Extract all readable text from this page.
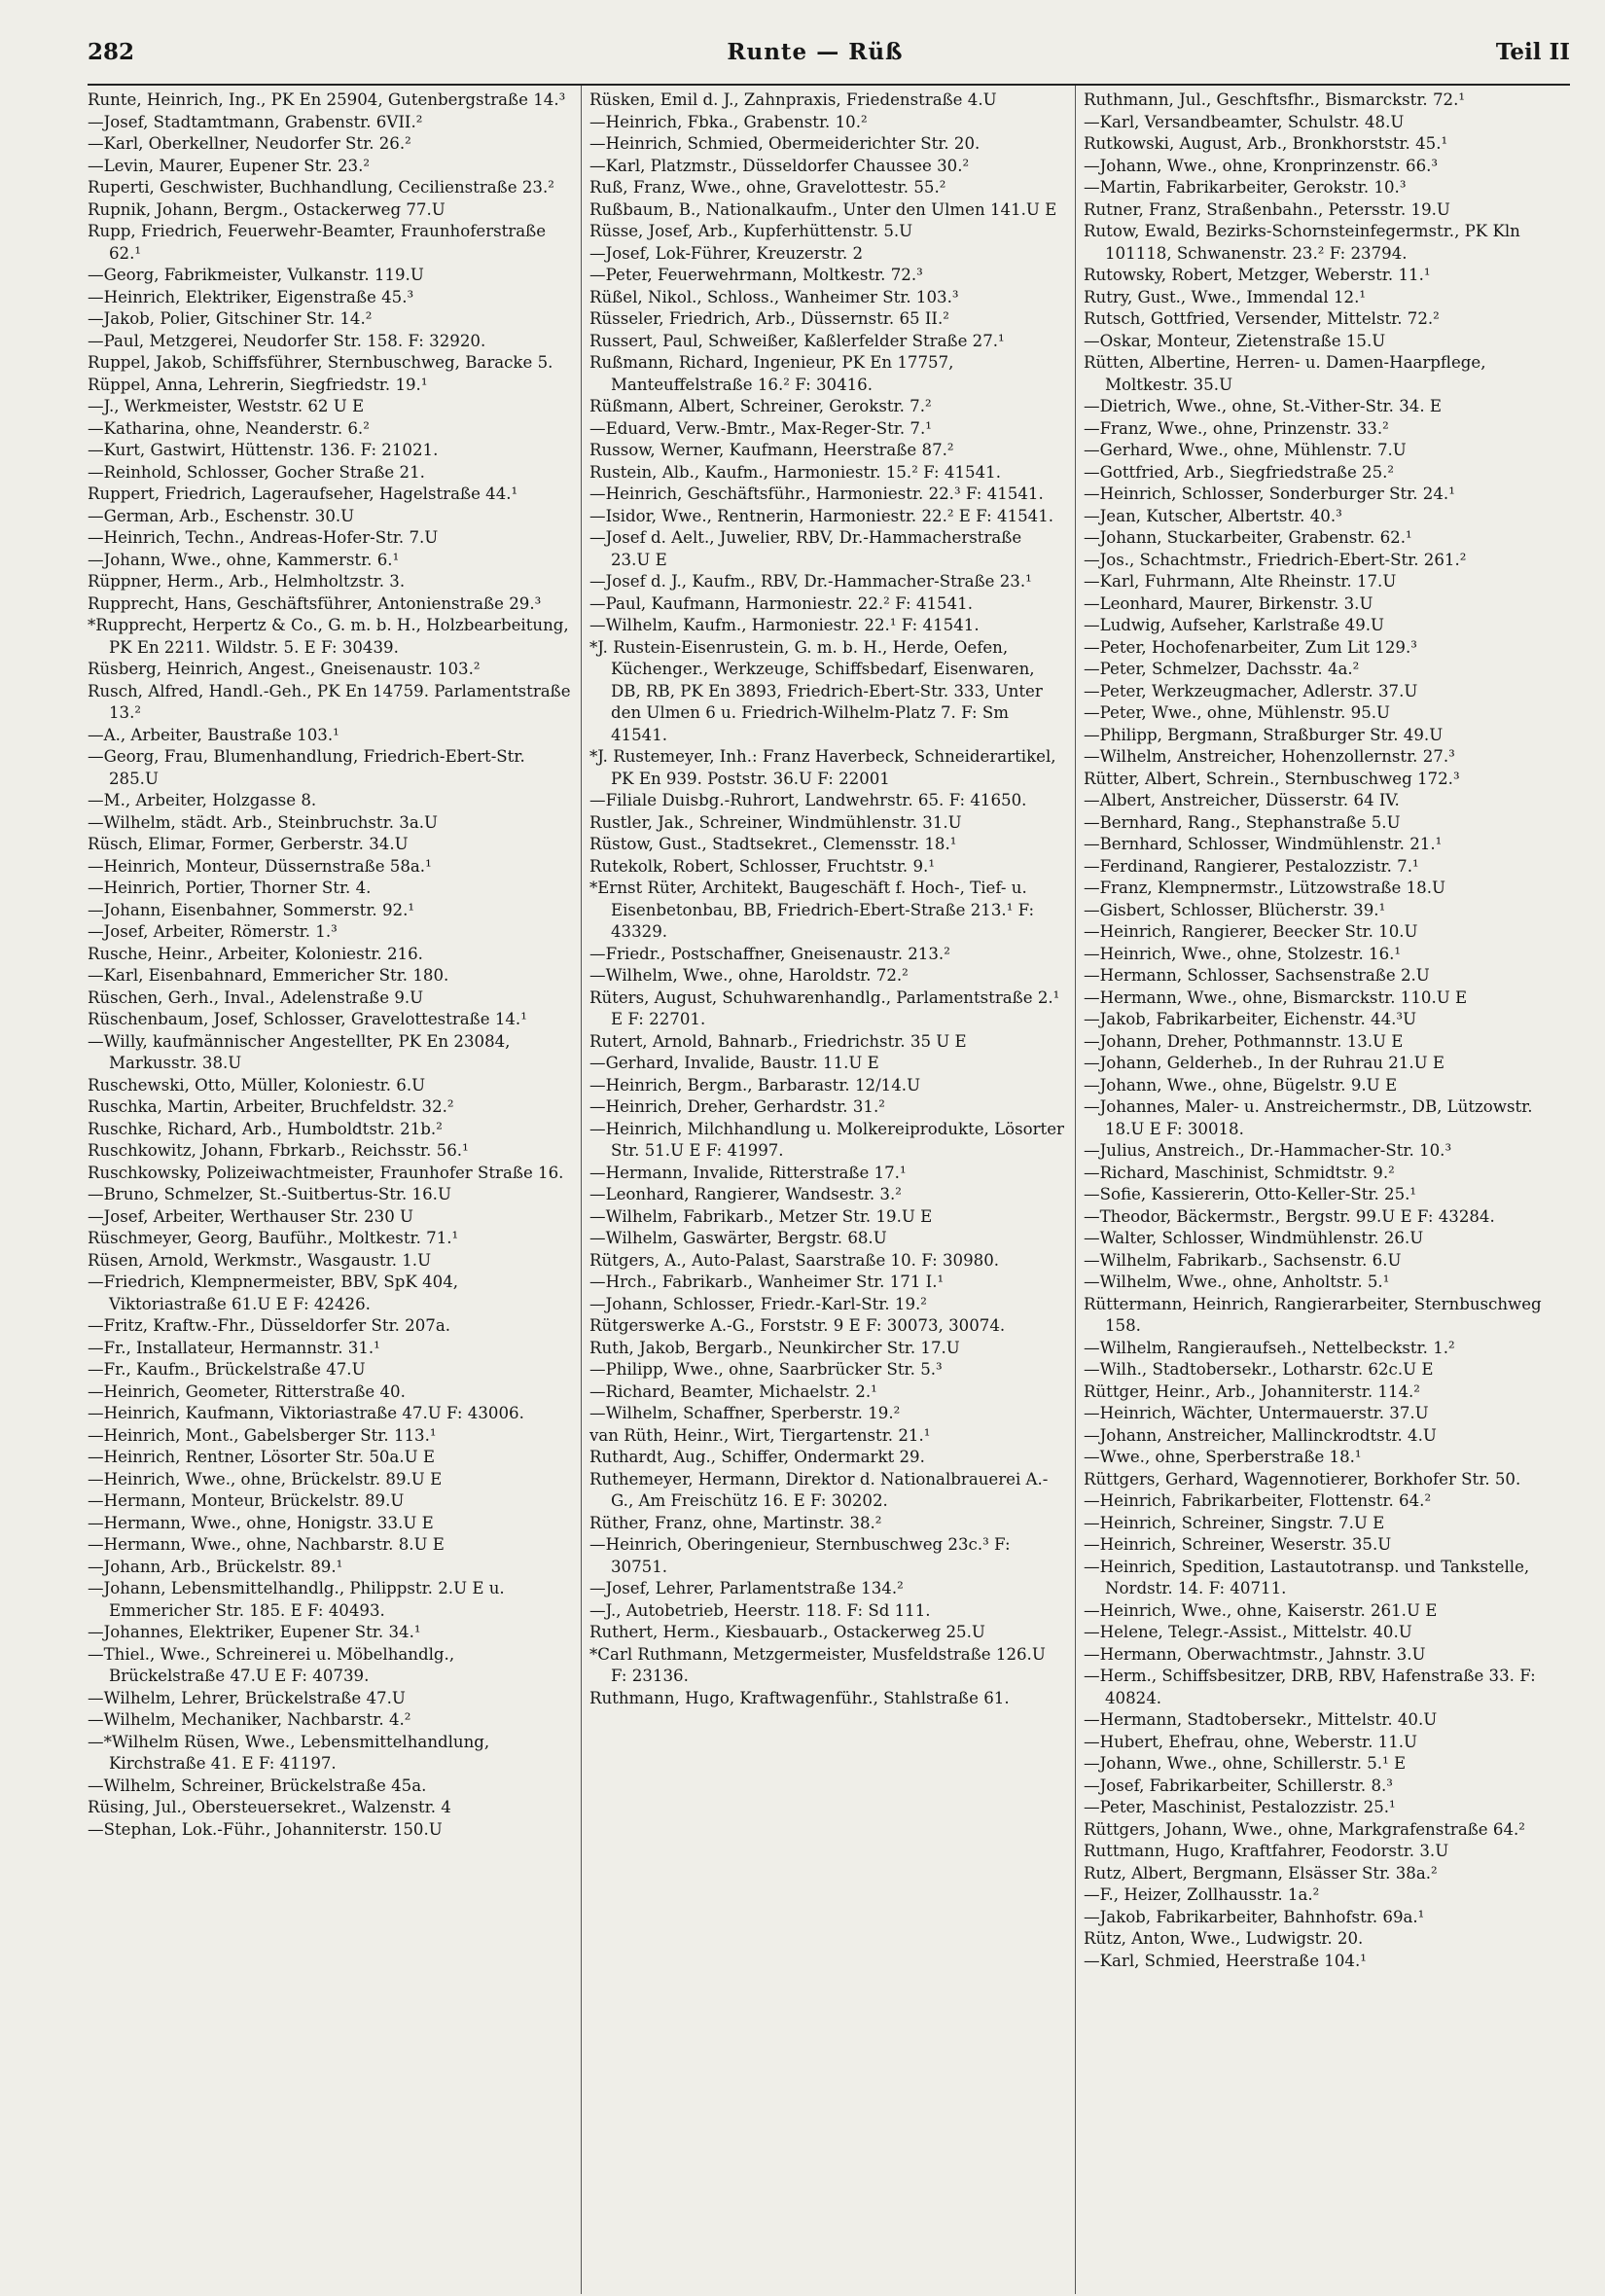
282	Runte — Rüß	Teil II
Runte, Heinrich, Ing., PK En 25904, Gutenbergstraße 14.³
—Josef, Stadtamtmann, Grabenstr. 6VII.²
—Karl, Oberkellner, Neudorfer Str. 26.²
—Levin, Maurer, Eupener Str. 23.²
Ruperti, Geschwister, Buchhandlung, Cecilienstraße 23.²
Rupnik, Johann, Bergm., Ostackerweg 77.U
Rupp, Friedrich, Feuerwehr-Beamter, Fraunhoferstraße 62.¹
—Georg, Fabrikmeister, Vulkanstr. 119.U
—Heinrich, Elektriker, Eigenstraße 45.³
—Jakob, Polier, Gitschiner Str. 14.²
—Paul, Metzgerei, Neudorfer Str. 158. F: 32920.
Ruppel, Jakob, Schiffsführer, Sternbuschweg, Baracke 5.
Rüppel, Anna, Lehrerin, Siegfriedstr. 19.¹
—J., Werkmeister, Weststr. 62 U E
—Katharina, ohne, Neanderstr. 6.²
—Kurt, Gastwirt, Hüttenstr. 136. F: 21021.
—Reinhold, Schlosser, Gocher Straße 21.
Ruppert, Friedrich, Lageraufseher, Hagelstraße 44.¹
—German, Arb., Eschenstr. 30.U
—Heinrich, Techn., Andreas-Hofer-Str. 7.U
—Johann, Wwe., ohne, Kammerstr. 6.¹
Rüppner, Herm., Arb., Helmholtzstr. 3.
Rupprecht, Hans, Geschäftsführer, Antonienstraße 29.³
*Rupprecht, Herpertz & Co., G. m. b. H., Holzbearbeitung, PK En 2211. Wildstr. 5. E F: 30439.
Rüsberg, Heinrich, Angest., Gneisenaustr. 103.²
Rusch, Alfred, Handl.-Geh., PK En 14759. Parlamentstraße 13.²
—A., Arbeiter, Baustraße 103.¹
—Georg, Frau, Blumenhandlung, Friedrich-Ebert-Str. 285.U
—M., Arbeiter, Holzgasse 8.
—Wilhelm, städt. Arb., Steinbruchstr. 3a.U
Rüsch, Elimar, Former, Gerberstr. 34.U
—Heinrich, Monteur, Düssernstraße 58a.¹
—Heinrich, Portier, Thorner Str. 4.
—Johann, Eisenbahner, Sommerstr. 92.¹
—Josef, Arbeiter, Römerstr. 1.³
Rusche, Heinr., Arbeiter, Koloniestr. 216.
—Karl, Eisenbahnard, Emmericher Str. 180.
Rüschen, Gerh., Inval., Adelenstraße 9.U
Rüschenbaum, Josef, Schlosser, Gravelottestraße 14.¹
—Willy, kaufmännischer Angestellter, PK En 23084, Markusstr. 38.U
Ruschewski, Otto, Müller, Koloniestr. 6.U
Ruschka, Martin, Arbeiter, Bruchfeldstr. 32.²
Ruschke, Richard, Arb., Humboldtstr. 21b.²
Ruschkowitz, Johann, Fbrkarb., Reichsstr. 56.¹
Ruschkowsky, Polizeiwachtmeister, Fraunhofer Straße 16.
—Bruno, Schmelzer, St.-Suitbertus-Str. 16.U
—Josef, Arbeiter, Werthauser Str. 230 U
Rüschmeyer, Georg, Bauführ., Moltkestr. 71.¹
Rüsen, Arnold, Werkmstr., Wasgaustr. 1.U
—Friedrich, Klempnermeister, BBV, SpK 404, Viktoriastraße 61.U E F: 42426.
—Fritz, Kraftw.-Fhr., Düsseldorfer Str. 207a.
—Fr., Installateur, Hermannstr. 31.¹
—Fr., Kaufm., Brückelstraße 47.U
—Heinrich, Geometer, Ritterstraße 40.
—Heinrich, Kaufmann, Viktoriastraße 47.U F: 43006.
—Heinrich, Mont., Gabelsberger Str. 113.¹
—Heinrich, Rentner, Lösorter Str. 50a.U E
—Heinrich, Wwe., ohne, Brückelstr. 89.U E
—Hermann, Monteur, Brückelstr. 89.U
—Hermann, Wwe., ohne, Honigstr. 33.U E
—Hermann, Wwe., ohne, Nachbarstr. 8.U E
—Johann, Arb., Brückelstr. 89.¹
—Johann, Lebensmittelhandlg., Philippstr. 2.U E u. Emmericher Str. 185. E F: 40493.
—Johannes, Elektriker, Eupener Str. 34.¹
—Thiel., Wwe., Schreinerei u. Möbelhandlg., Brückelstraße 47.U E F: 40739.
—Wilhelm, Lehrer, Brückelstraße 47.U
—Wilhelm, Mechaniker, Nachbarstr. 4.²
—*Wilhelm Rüsen, Wwe., Lebensmittelhandlung, Kirchstraße 41. E F: 41197.
—Wilhelm, Schreiner, Brückelstraße 45a.
Rüsing, Jul., Obersteuersekret., Walzenstr. 4
—Stephan, Lok.-Führ., Johanniterstr. 150.U
Rüsken, Emil d. J., Zahnpraxis, Friedenstraße 4.U
—Heinrich, Fbka., Grabenstr. 10.²
—Heinrich, Schmied, Obermeiderichter Str. 20.
—Karl, Platzmstr., Düsseldorfer Chaussee 30.²
Ruß, Franz, Wwe., ohne, Gravelottestr. 55.²
Rußbaum, B., Nationalkaufm., Unter den Ulmen 141.U E
Rüsse, Josef, Arb., Kupferhüttenstr. 5.U
—Josef, Lok-Führer, Kreuzerstr. 2
—Peter, Feuerwehrmann, Moltkestr. 72.³
Rüßel, Nikol., Schloss., Wanheimer Str. 103.³
Rüsseler, Friedrich, Arb., Düssernstr. 65 II.²
Russert, Paul, Schweißer, Kaßlerfelder Straße 27.¹
Rußmann, Richard, Ingenieur, PK En 17757, Manteuffelstraße 16.² F: 30416.
Rüßmann, Albert, Schreiner, Gerokstr. 7.²
—Eduard, Verw.-Bmtr., Max-Reger-Str. 7.¹
Russow, Werner, Kaufmann, Heerstraße 87.²
Rustein, Alb., Kaufm., Harmoniestr. 15.² F: 41541.
—Heinrich, Geschäftsführ., Harmoniestr. 22.³ F: 41541.
—Isidor, Wwe., Rentnerin, Harmoniestr. 22.² E F: 41541.
—Josef d. Aelt., Juwelier, RBV, Dr.-Hammacherstraße 23.U E
—Josef d. J., Kaufm., RBV, Dr.-Hammacher-Straße 23.¹
—Paul, Kaufmann, Harmoniestr. 22.² F: 41541.
—Wilhelm, Kaufm., Harmoniestr. 22.¹ F: 41541.
*J. Rustein-Eisenrustein, G. m. b. H., Herde, Oefen, Küchenger., Werkzeuge, Schiffsbedarf, Eisenwaren, DB, RB, PK En 3893, Friedrich-Ebert-Str. 333, Unter den Ulmen 6 u. Friedrich-Wilhelm-Platz 7. F: Sm 41541.
*J. Rustemeyer, Inh.: Franz Haverbeck, Schneiderartikel, PK En 939. Poststr. 36.U F: 22001
—Filiale Duisbg.-Ruhrort, Landwehrstr. 65. F: 41650.
Rustler, Jak., Schreiner, Windmühlenstr. 31.U
Rüstow, Gust., Stadtsekret., Clemensstr. 18.¹
Rutekolk, Robert, Schlosser, Fruchtstr. 9.¹
*Ernst Rüter, Architekt, Baugeschäft f. Hoch-, Tief- u. Eisenbetonbau, BB, Friedrich-Ebert-Straße 213.¹ F: 43329.
—Friedr., Postschaffner, Gneisenaustr. 213.²
—Wilhelm, Wwe., ohne, Haroldstr. 72.²
Rüters, August, Schuhwarenhandlg., Parlamentstraße 2.¹ E F: 22701.
Rutert, Arnold, Bahnarb., Friedrichstr. 35 U E
—Gerhard, Invalide, Baustr. 11.U E
—Heinrich, Bergm., Barbarastr. 12/14.U
—Heinrich, Dreher, Gerhardstr. 31.²
—Heinrich, Milchhandlung u. Molkereiprodukte, Lösorter Str. 51.U E F: 41997.
—Hermann, Invalide, Ritterstraße 17.¹
—Leonhard, Rangierer, Wandsestr. 3.²
—Wilhelm, Fabrikarb., Metzer Str. 19.U E
—Wilhelm, Gaswärter, Bergstr. 68.U
Rütgers, A., Auto-Palast, Saarstraße 10. F: 30980.
—Hrch., Fabrikarb., Wanheimer Str. 171 I.¹
—Johann, Schlosser, Friedr.-Karl-Str. 19.²
Rütgerswerke A.-G., Forststr. 9 E F: 30073, 30074.
Ruth, Jakob, Bergarb., Neunkircher Str. 17.U
—Philipp, Wwe., ohne, Saarbrücker Str. 5.³
—Richard, Beamter, Michaelstr. 2.¹
—Wilhelm, Schaffner, Sperberstr. 19.²
van Rüth, Heinr., Wirt, Tiergartenstr. 21.¹
Ruthardt, Aug., Schiffer, Ondermarkt 29.
Ruthemeyer, Hermann, Direktor d. Nationalbrauerei A.-G., Am Freischütz 16. E F: 30202.
Rüther, Franz, ohne, Martinstr. 38.²
—Heinrich, Oberingenieur, Sternbuschweg 23c.³ F: 30751.
—Josef, Lehrer, Parlamentstraße 134.²
—J., Autobetrieb, Heerstr. 118. F: Sd 111.
Ruthert, Herm., Kiesbauarb., Ostackerweg 25.U
*Carl Ruthmann, Metzgermeister, Musfeldstraße 126.U F: 23136.
Ruthmann, Hugo, Kraftwagenführ., Stahlstraße 61.
Ruthmann, Jul., Geschftsfhr., Bismarckstr. 72.¹
—Karl, Versandbeamter, Schulstr. 48.U
Rutkowski, August, Arb., Bronkhorststr. 45.¹
—Johann, Wwe., ohne, Kronprinzenstr. 66.³
—Martin, Fabrikarbeiter, Gerokstr. 10.³
Rutner, Franz, Straßenbahn., Petersstr. 19.U
Rutow, Ewald, Bezirks-Schornsteinfegermstr., PK Kln 101118, Schwanenstr. 23.² F: 23794.
Rutowsky, Robert, Metzger, Weberstr. 11.¹
Rutry, Gust., Wwe., Immendal 12.¹
Rutsch, Gottfried, Versender, Mittelstr. 72.²
—Oskar, Monteur, Zietenstraße 15.U
Rütten, Albertine, Herren- u. Damen-Haarpflege, Moltkestr. 35.U
—Dietrich, Wwe., ohne, St.-Vither-Str. 34. E
—Franz, Wwe., ohne, Prinzenstr. 33.²
—Gerhard, Wwe., ohne, Mühlenstr. 7.U
—Gottfried, Arb., Siegfriedstraße 25.²
—Heinrich, Schlosser, Sonderburger Str. 24.¹
—Jean, Kutscher, Albertstr. 40.³
—Johann, Stuckarbeiter, Grabenstr. 62.¹
—Jos., Schachtmstr., Friedrich-Ebert-Str. 261.²
—Karl, Fuhrmann, Alte Rheinstr. 17.U
—Leonhard, Maurer, Birkenstr. 3.U
—Ludwig, Aufseher, Karlstraße 49.U
—Peter, Hochofenarbeiter, Zum Lit 129.³
—Peter, Schmelzer, Dachsstr. 4a.²
—Peter, Werkzeugmacher, Adlerstr. 37.U
—Peter, Wwe., ohne, Mühlenstr. 95.U
—Philipp, Bergmann, Straßburger Str. 49.U
—Wilhelm, Anstreicher, Hohenzollernstr. 27.³
Rütter, Albert, Schrein., Sternbuschweg 172.³
—Albert, Anstreicher, Düsserstr. 64 IV.
—Bernhard, Rang., Stephanstraße 5.U
—Bernhard, Schlosser, Windmühlenstr. 21.¹
—Ferdinand, Rangierer, Pestalozzistr. 7.¹
—Franz, Klempnermstr., Lützowstraße 18.U
—Gisbert, Schlosser, Blücherstr. 39.¹
—Heinrich, Rangierer, Beecker Str. 10.U
—Heinrich, Wwe., ohne, Stolzestr. 16.¹
—Hermann, Schlosser, Sachsenstraße 2.U
—Hermann, Wwe., ohne, Bismarckstr. 110.U E
—Jakob, Fabrikarbeiter, Eichenstr. 44.³U
—Johann, Dreher, Pothmannstr. 13.U E
—Johann, Gelderheb., In der Ruhrau 21.U E
—Johann, Wwe., ohne, Bügelstr. 9.U E
—Johannes, Maler- u. Anstreichermstr., DB, Lützowstr. 18.U E F: 30018.
—Julius, Anstreich., Dr.-Hammacher-Str. 10.³
—Richard, Maschinist, Schmidtstr. 9.²
—Sofie, Kassiererin, Otto-Keller-Str. 25.¹
—Theodor, Bäckermstr., Bergstr. 99.U E F: 43284.
—Walter, Schlosser, Windmühlenstr. 26.U
—Wilhelm, Fabrikarb., Sachsenstr. 6.U
—Wilhelm, Wwe., ohne, Anholtstr. 5.¹
Rüttermann, Heinrich, Rangierarbeiter, Sternbuschweg 158.
—Wilhelm, Rangieraufseh., Nettelbeckstr. 1.²
—Wilh., Stadtobersekr., Lotharstr. 62c.U E
Rüttger, Heinr., Arb., Johanniterstr. 114.²
—Heinrich, Wächter, Untermauerstr. 37.U
—Johann, Anstreicher, Mallinckrodtstr. 4.U
—Wwe., ohne, Sperberstraße 18.¹
Rüttgers, Gerhard, Wagennotierer, Borkhofer Str. 50.
—Heinrich, Fabrikarbeiter, Flottenstr. 64.²
—Heinrich, Schreiner, Singstr. 7.U E
—Heinrich, Schreiner, Weserstr. 35.U
—Heinrich, Spedition, Lastautotransp. und Tankstelle, Nordstr. 14. F: 40711.
—Heinrich, Wwe., ohne, Kaiserstr. 261.U E
—Helene, Telegr.-Assist., Mittelstr. 40.U
—Hermann, Oberwachtmstr., Jahnstr. 3.U
—Herm., Schiffsbesitzer, DRB, RBV, Hafenstraße 33. F: 40824.
—Hermann, Stadtobersekr., Mittelstr. 40.U
—Hubert, Ehefrau, ohne, Weberstr. 11.U
—Johann, Wwe., ohne, Schillerstr. 5.¹ E
—Josef, Fabrikarbeiter, Schillerstr. 8.³
—Peter, Maschinist, Pestalozzistr. 25.¹
Rüttgers, Johann, Wwe., ohne, Markgrafenstraße 64.²
Ruttmann, Hugo, Kraftfahrer, Feodorstr. 3.U
Rutz, Albert, Bergmann, Elsässer Str. 38a.²
—F., Heizer, Zollhausstr. 1a.²
—Jakob, Fabrikarbeiter, Bahnhofstr. 69a.¹
Rütz, Anton, Wwe., Ludwigstr. 20.
—Karl, Schmied, Heerstraße 104.¹
